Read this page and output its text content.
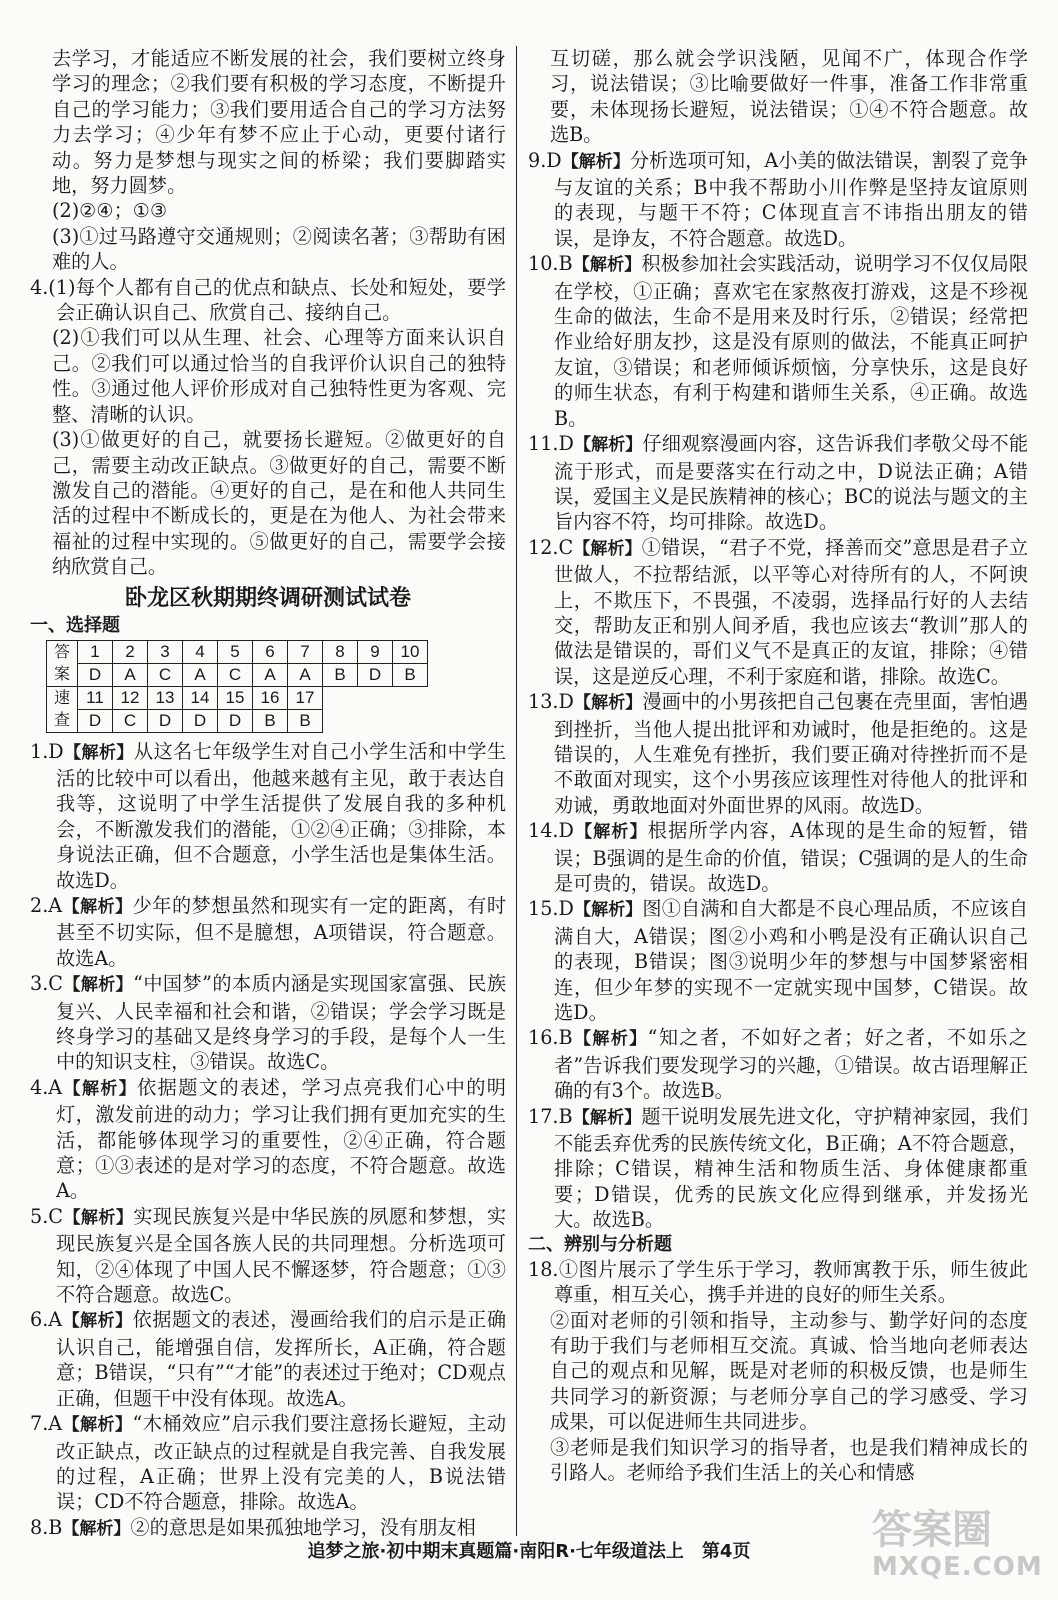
去学习，才能适应不断发展的社会，我们要树立终身学习的理念；②我们要有积极的学习态度，不断提升自己的学习能力；③我们要用适合自己的学习方法努力去学习；④少年有梦不应止于心动，更要付诸行动。努力是梦想与现实之间的桥梁；我们要脚踏实地，努力圆梦。

(2)②④；①③

(3)①过马路遵守交通规则；②阅读名著；③帮助有困难的人。

4.(1)每个人都有自己的优点和缺点、长处和短处，要学会正确认识自己、欣赏自己、接纳自己。

(2)①我们可以从生理、社会、心理等方面来认识自己。②我们可以通过恰当的自我评价认识自己的独特性。③通过他人评价形成对自己独特性更为客观、完整、清晰的认识。

(3)①做更好的自己，就要扬长避短。②做更好的自己，需要主动改正缺点。③做更好的自己，需要不断激发自己的潜能。④更好的自己，是在和他人共同生活的过程中不断成长的，更是在为他人、为社会带来福祉的过程中实现的。⑤做更好的自己，需要学会接纳欣赏自己。

卧龙区秋期期终调研测试试卷

一、选择题

答案	1	2	3	4	5	6	7	8	9	10
	D	A	C	A	C	A	A	B	D	B
速查	11	12	13	14	15	16	17			
	D	C	D	D	D	B	B			

1.D【解析】从这名七年级学生对自己小学生活和中学生活的比较中可以看出，他越来越有主见，敢于表达自我等，这说明了中学生活提供了发展自我的多种机会，不断激发我们的潜能，①②④正确；③排除，本身说法正确，但不合题意，小学生活也是集体生活。故选D。

2.A【解析】少年的梦想虽然和现实有一定的距离，有时甚至不切实际，但不是臆想，A项错误，符合题意。故选A。

3.C【解析】“中国梦”的本质内涵是实现国家富强、民族复兴、人民幸福和社会和谐，②错误；学会学习既是终身学习的基础又是终身学习的手段，是每个人一生中的知识支柱，③错误。故选C。

4.A【解析】依据题文的表述，学习点亮我们心中的明灯，激发前进的动力；学习让我们拥有更加充实的生活，都能够体现学习的重要性，②④正确，符合题意；①③表述的是对学习的态度，不符合题意。故选A。

5.C【解析】实现民族复兴是中华民族的夙愿和梦想，实现民族复兴是全国各族人民的共同理想。分析选项可知，②④体现了中国人民不懈逐梦，符合题意；①③不符合题意。故选C。

6.A【解析】依据题文的表述，漫画给我们的启示是正确认识自己，能增强自信，发挥所长，A正确，符合题意；B错误，“只有”“才能”的表述过于绝对；CD观点正确，但题干中没有体现。故选A。

7.A【解析】“木桶效应”启示我们要注意扬长避短，主动改正缺点，改正缺点的过程就是自我完善、自我发展的过程，A正确；世界上没有完美的人，B说法错误；CD不符合题意，排除。故选A。

8.B【解析】②的意思是如果孤独地学习，没有朋友相

互切磋，那么就会学识浅陋，见闻不广，体现合作学习，说法错误；③比喻要做好一件事，准备工作非常重要，未体现扬长避短，说法错误；①④不符合题意。故选B。

9.D【解析】分析选项可知，A小美的做法错误，割裂了竞争与友谊的关系；B中我不帮助小川作弊是坚持友谊原则的表现，与题干不符；C体现直言不讳指出朋友的错误，是诤友，不符合题意。故选D。

10.B【解析】积极参加社会实践活动，说明学习不仅仅局限在学校，①正确；喜欢宅在家熬夜打游戏，这是不珍视生命的做法，生命不是用来及时行乐，②错误；经常把作业给好朋友抄，这是没有原则的做法，不能真正呵护友谊，③错误；和老师倾诉烦恼，分享快乐，这是良好的师生状态，有利于构建和谐师生关系，④正确。故选B。

11.D【解析】仔细观察漫画内容，这告诉我们孝敬父母不能流于形式，而是要落实在行动之中，D说法正确；A错误，爱国主义是民族精神的核心；BC的说法与题文的主旨内容不符，均可排除。故选D。

12.C【解析】①错误，“君子不党，择善而交”意思是君子立世做人，不拉帮结派，以平等心对待所有的人，不阿谀上，不欺压下，不畏强，不凌弱，选择品行好的人去结交，帮助友正和别人间矛盾，我也应该去“教训”那人的做法是错误的，哥们义气不是真正的友谊，排除；④错误，这是逆反心理，不利于家庭和谐，排除。故选C。

13.D【解析】漫画中的小男孩把自己包裹在壳里面，害怕遇到挫折，当他人提出批评和劝诫时，他是拒绝的。这是错误的，人生难免有挫折，我们要正确对待挫折而不是不敢面对现实，这个小男孩应该理性对待他人的批评和劝诫，勇敢地面对外面世界的风雨。故选D。

14.D【解析】根据所学内容，A体现的是生命的短暂，错误；B强调的是生命的价值，错误；C强调的是人的生命是可贵的，错误。故选D。

15.D【解析】图①自满和自大都是不良心理品质，不应该自满自大，A错误；图②小鸡和小鸭是没有正确认识自己的表现，B错误；图③说明少年的梦想与中国梦紧密相连，但少年梦的实现不一定就实现中国梦，C错误。故选D。

16.B【解析】“知之者，不如好之者；好之者，不如乐之者”告诉我们要发现学习的兴趣，①错误。故古语理解正确的有3个。故选B。

17.B【解析】题干说明发展先进文化，守护精神家园，我们不能丢弃优秀的民族传统文化，B正确；A不符合题意，排除；C错误，精神生活和物质生活、身体健康都重要；D错误，优秀的民族文化应得到继承，并发扬光大。故选B。

二、辨别与分析题

18.①图片展示了学生乐于学习，教师寓教于乐，师生彼此尊重，相互关心，携手并进的良好的师生关系。

②面对老师的引领和指导，主动参与、勤学好问的态度有助于我们与老师相互交流。真诚、恰当地向老师表达自己的观点和见解，既是对老师的积极反馈，也是师生共同学习的新资源；与老师分享自己的学习感受、学习成果，可以促进师生共同进步。

③老师是我们知识学习的指导者，也是我们精神成长的引路人。老师给予我们生活上的关心和情感

追梦之旅·初中期末真题篇·南阳R·七年级道法上　第4页	答案圈
MXQE.COM
